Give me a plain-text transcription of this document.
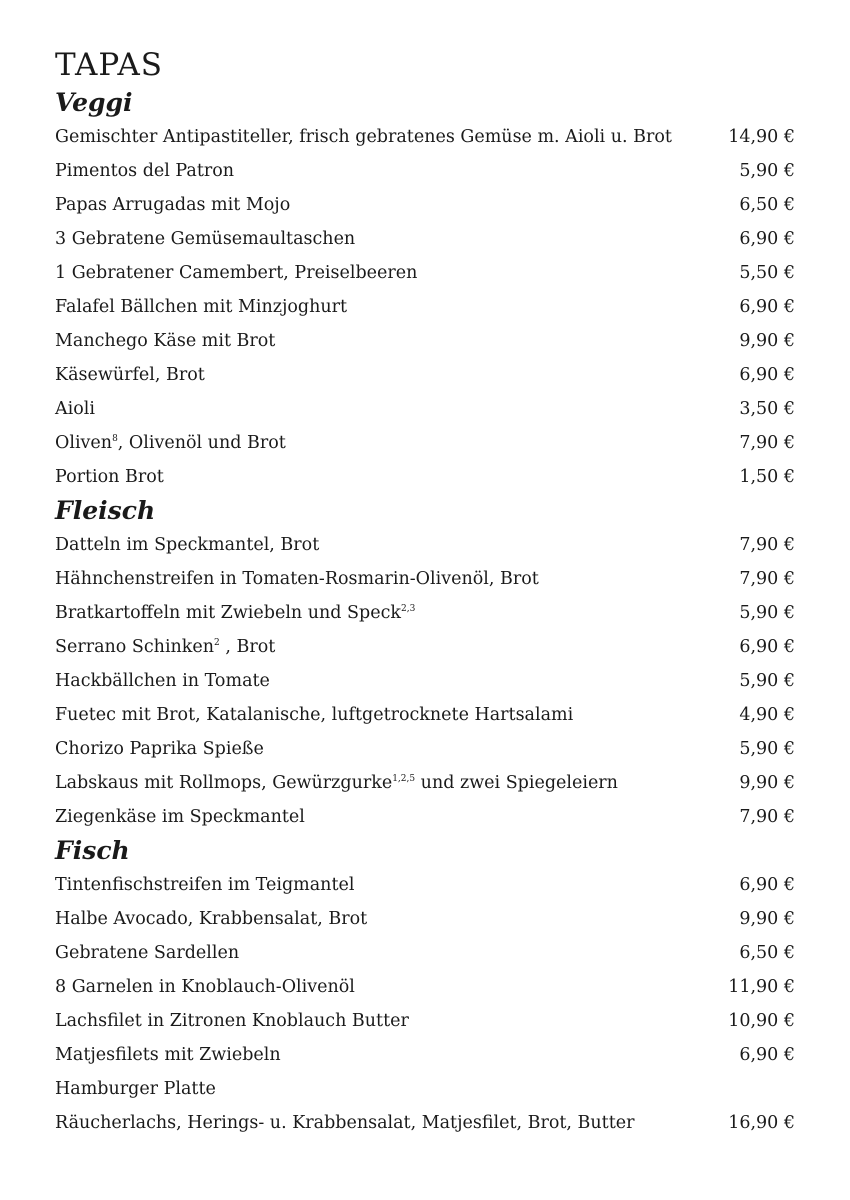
TAPAS
Veggi
Gemischter Antipastiteller, frisch gebratenes Gemüse m. Aioli u. Brot	14,90 €
Pimentos del Patron	5,90 €
Papas Arrugadas mit Mojo	6,50 €
3 Gebratene Gemüsemaultaschen	6,90 €
1 Gebratener Camembert, Preiselbeeren	5,50 €
Falafel Bällchen mit Minzjoghurt	6,90 €
Manchego Käse mit Brot	9,90 €
Käsewürfel, Brot	6,90 €
Aioli	3,50 €
Oliven$^8$, Olivenöl und Brot	7,90 €
Portion Brot	1,50 €
Fleisch
Datteln im Speckmantel, Brot	7,90 €
Hähnchenstreifen in Tomaten-Rosmarin-Olivenöl, Brot	7,90 €
Bratkartoffeln mit Zwiebeln und Speck$^{2,3}$	5,90 €
Serrano Schinken$^2$ , Brot	6,90 €
Hackbällchen in Tomate	5,90 €
Fuetec mit Brot, Katalanische, luftgetrocknete Hartsalami	4,90 €
Chorizo Paprika Spieße	5,90 €
Labskaus mit Rollmops, Gewürzgurke$^{1,2,5}$ und zwei Spiegeleiern	9,90 €
Ziegenkäse im Speckmantel	7,90 €
Fisch
Tintenfischstreifen im Teigmantel	6,90 €
Halbe Avocado, Krabbensalat, Brot	9,90 €
Gebratene Sardellen	6,50 €
8 Garnelen in Knoblauch-Olivenöl	11,90 €
Lachsfilet in Zitronen Knoblauch Butter	10,90 €
Matjesfilets mit Zwiebeln	6,90 €
Hamburger Platte
Räucherlachs, Herings- u. Krabbensalat, Matjesfilet, Brot, Butter	16,90 €
